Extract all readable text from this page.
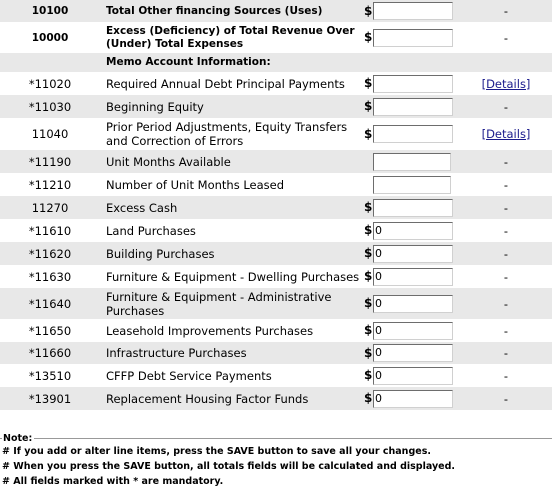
10100	Total Other financing Sources (Uses)	$	-
10000	Excess (Deficiency) of Total Revenue Over (Under) Total Expenses	$	-
	Memo Account Information:		
*11020	Required Annual Debt Principal Payments	$	[Details]
*11030	Beginning Equity	$	-
11040	Prior Period Adjustments, Equity Transfers and Correction of Errors	$	[Details]
*11190	Unit Months Available		-
*11210	Number of Unit Months Leased		-
11270	Excess Cash	$	-
*11610	Land Purchases	$ 0	-
*11620	Building Purchases	$ 0	-
*11630	Furniture & Equipment - Dwelling Purchases	$ 0	-
*11640	Furniture & Equipment - Administrative Purchases	$ 0	-
*11650	Leasehold Improvements Purchases	$ 0	-
*11660	Infrastructure Purchases	$ 0	-
*13510	CFFP Debt Service Payments	$ 0	-
*13901	Replacement Housing Factor Funds	$ 0	-
Note:
# If you add or alter line items, press the SAVE button to save all your changes.
# When you press the SAVE button, all totals fields will be calculated and displayed.
# All fields marked with * are mandatory.
